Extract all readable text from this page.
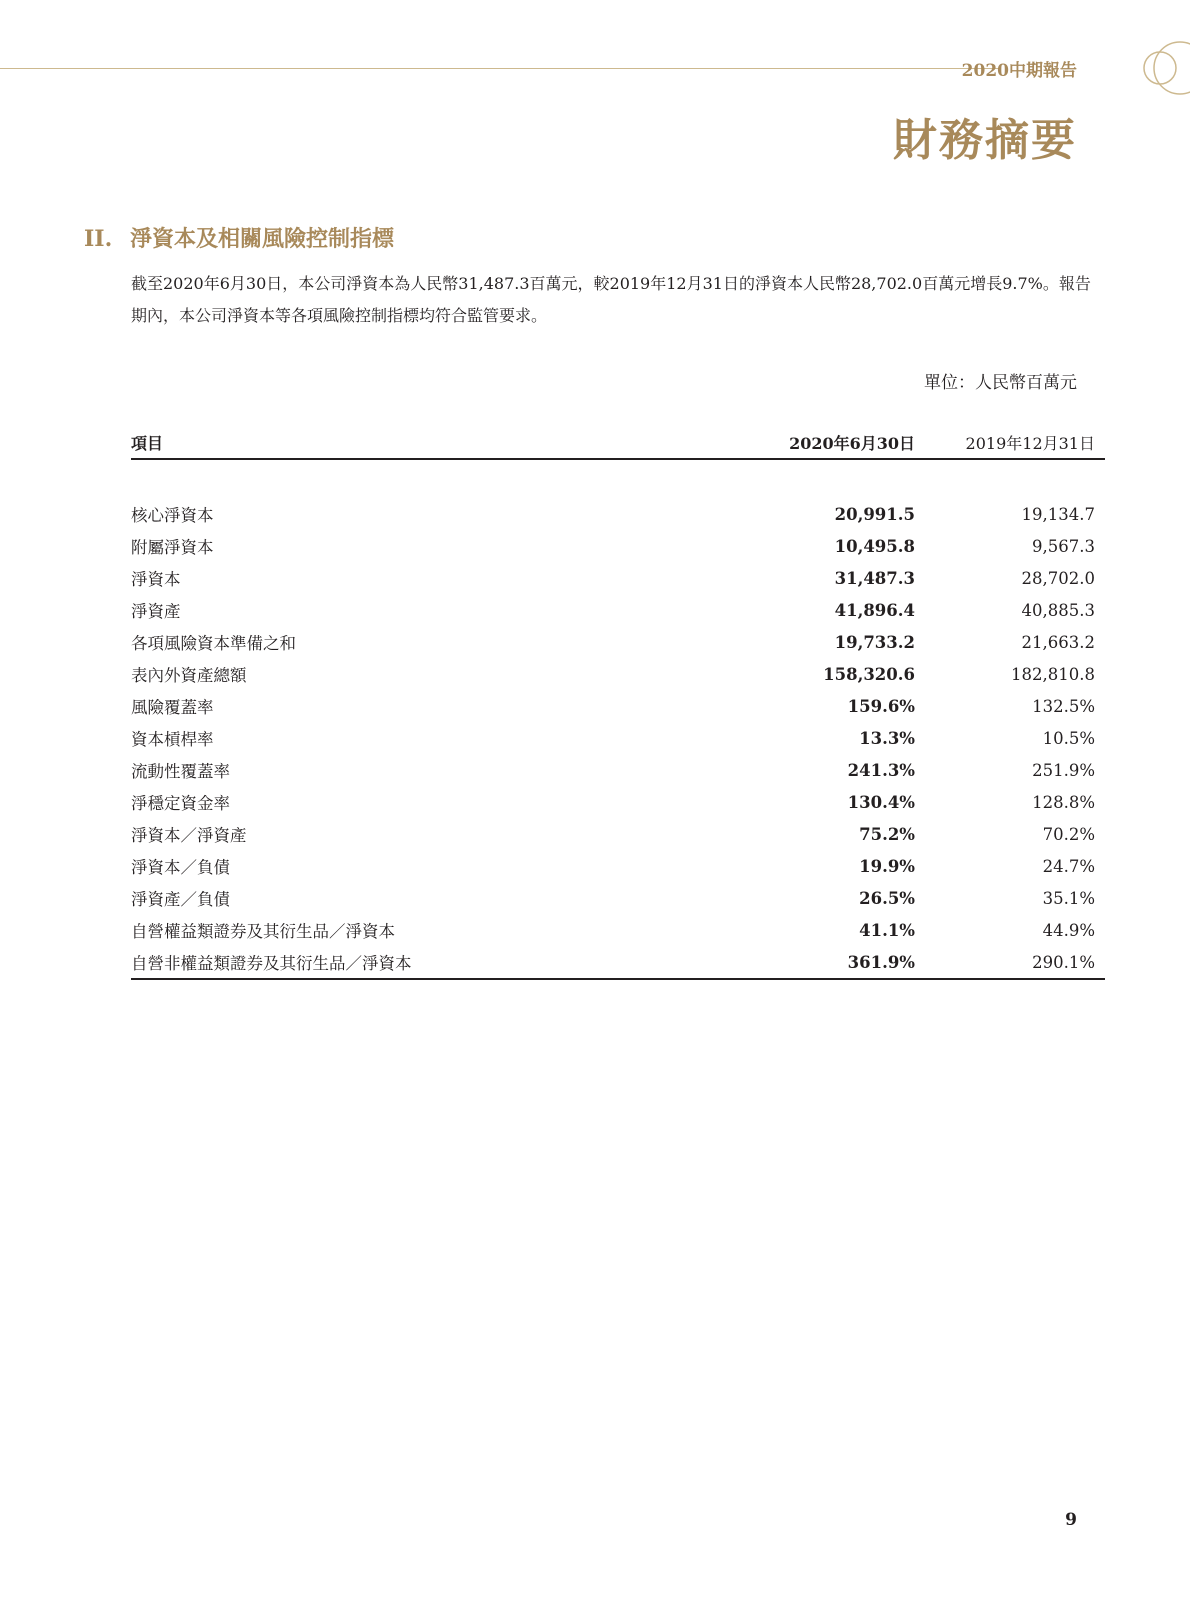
2020中期報告
財務摘要
II. 淨資本及相關風險控制指標
截至2020年6月30日，本公司淨資本為人民幣31,487.3百萬元，較2019年12月31日的淨資本人民幣28,702.0百萬元增長9.7%。報告期內，本公司淨資本等各項風險控制指標均符合監管要求。
單位：人民幣百萬元
項目	2020年6月30日	2019年12月31日
核心淨資本	20,991.5	19,134.7
附屬淨資本	10,495.8	9,567.3
淨資本	31,487.3	28,702.0
淨資產	41,896.4	40,885.3
各項風險資本準備之和	19,733.2	21,663.2
表內外資產總額	158,320.6	182,810.8
風險覆蓋率	159.6%	132.5%
資本槓桿率	13.3%	10.5%
流動性覆蓋率	241.3%	251.9%
淨穩定資金率	130.4%	128.8%
淨資本／淨資產	75.2%	70.2%
淨資本／負債	19.9%	24.7%
淨資產／負債	26.5%	35.1%
自營權益類證券及其衍生品／淨資本	41.1%	44.9%
自營非權益類證券及其衍生品／淨資本	361.9%	290.1%
9
